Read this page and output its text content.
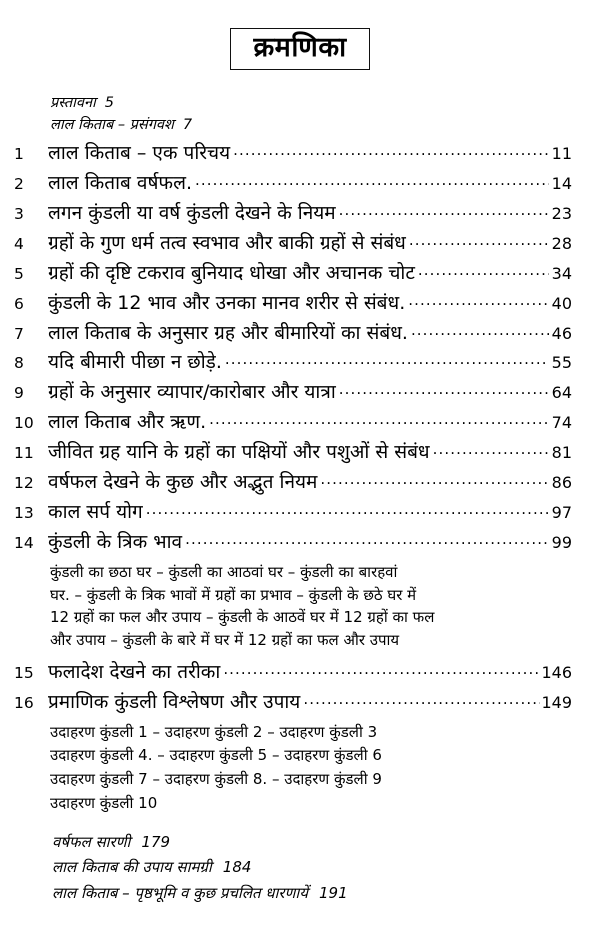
क्रमणिका
प्रस्तावना 5
लाल किताब – प्रसंगवश 7
1	लाल किताब – एक परिचय .....	11
2	लाल किताब वर्षफल. .....	14
3	लगन कुंडली या वर्ष कुंडली देखने के नियम .....	23
4	ग्रहों के गुण धर्म तत्व स्वभाव और बाकी ग्रहों से संबंध .....	28
5	ग्रहों की दृष्टि टकराव बुनियाद धोखा और अचानक चोट .....	34
6	कुंडली के 12 भाव और उनका मानव शरीर से संबंध. .....	40
7	लाल किताब के अनुसार ग्रह और बीमारियों का संबंध. .....	46
8	यदि बीमारी पीछा न छोड़े. .....	55
9	ग्रहों के अनुसार व्यापार/कारोबार और यात्रा .....	64
10 लाल किताब और ऋण. .....	74
11 जीवित ग्रह यानि के ग्रहों का पक्षियों और पशुओं से संबंध .....	81
12 वर्षफल देखने के कुछ और अद्भुत नियम .....	86
13 काल सर्प योग .....	97
14 कुंडली के त्रिक भाव .....	99
कुंडली का छठा घर – कुंडली का आठवां घर – कुंडली का बारहवां
घर. – कुंडली के त्रिक भावों में ग्रहों का प्रभाव – कुंडली के छठे घर में
12 ग्रहों का फल और उपाय – कुंडली के आठवें घर में 12 ग्रहों का फल
और उपाय – कुंडली के बारे में घर में 12 ग्रहों का फल और उपाय
15 फलादेश देखने का तरीका .....	146
16 प्रमाणिक कुंडली विश्लेषण और उपाय .....	149
उदाहरण कुंडली 1 – उदाहरण कुंडली 2 – उदाहरण कुंडली 3
उदाहरण कुंडली 4. – उदाहरण कुंडली 5 – उदाहरण कुंडली 6
उदाहरण कुंडली 7 – उदाहरण कुंडली 8. – उदाहरण कुंडली 9
उदाहरण कुंडली 10
वर्षफल सारणी 179
लाल किताब की उपाय सामग्री 184
लाल किताब – पृष्ठभूमि व कुछ प्रचलित धारणायें 191
